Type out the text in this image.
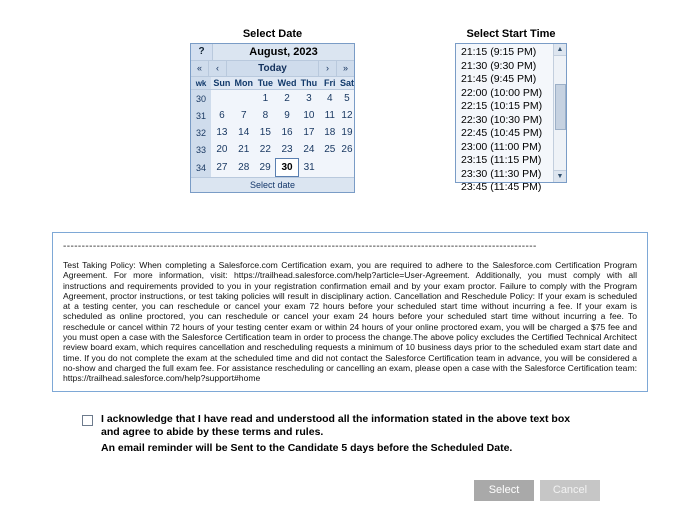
Select Date
?	August, 2023
«	‹	Today	›	»
wk	Sun	Mon	Tue	Wed	Thu	Fri	Sat
30			1	2	3	4	5
31	6	7	8	9	10	11	12
32	13	14	15	16	17	18	19
33	20	21	22	23	24	25	26
34	27	28	29	30	31		
Select date
Select Start Time
21:15 (9:15 PM)
21:30 (9:30 PM)
21:45 (9:45 PM)
22:00 (10:00 PM)
22:15 (10:15 PM)
22:30 (10:30 PM)
22:45 (10:45 PM)
23:00 (11:00 PM)
23:15 (11:15 PM)
23:30 (11:30 PM)
23:45 (11:45 PM)
▲
▼
-------------------------------------------------------------------------------------------------------------------------------
Test Taking Policy: When completing a Salesforce.com Certification exam, you are required to adhere to the Salesforce.com Certification Program Agreement. For more information, visit: https://trailhead.salesforce.com/help?article=User-Agreement. Additionally, you must comply with all instructions and requirements provided to you in your registration confirmation email and by your exam proctor. Failure to comply with the Program Agreement, proctor instructions, or test taking policies will result in disciplinary action. Cancellation and Reschedule Policy: If your exam is scheduled at a testing center, you can reschedule or cancel your exam 72 hours before your scheduled start time without incurring a fee. If your exam is scheduled as online proctored, you can reschedule or cancel your exam 24 hours before your scheduled start time without incurring a fee. To reschedule or cancel within 72 hours of your testing center exam or within 24 hours of your online proctored exam, you will be charged a $75 fee and you must open a case with the Salesforce Certification team in order to process the change.The above policy excludes the Certified Technical Architect review board exam, which requires cancellation and rescheduling requests a minimum of 10 business days prior to the scheduled exam start date and time. If you do not complete the exam at the scheduled time and did not contact the Salesforce Certification team in advance, you will be considered a no-show and charged the full exam fee. For assistance rescheduling or cancelling an exam, please open a case with the Salesforce Certification team: https://trailhead.salesforce.com/help?support#home
I acknowledge that I have read and understood all the information stated in the above text box and agree to abide by these terms and rules.
An email reminder will be Sent to the Candidate 5 days before the Scheduled Date.
Select	Cancel
